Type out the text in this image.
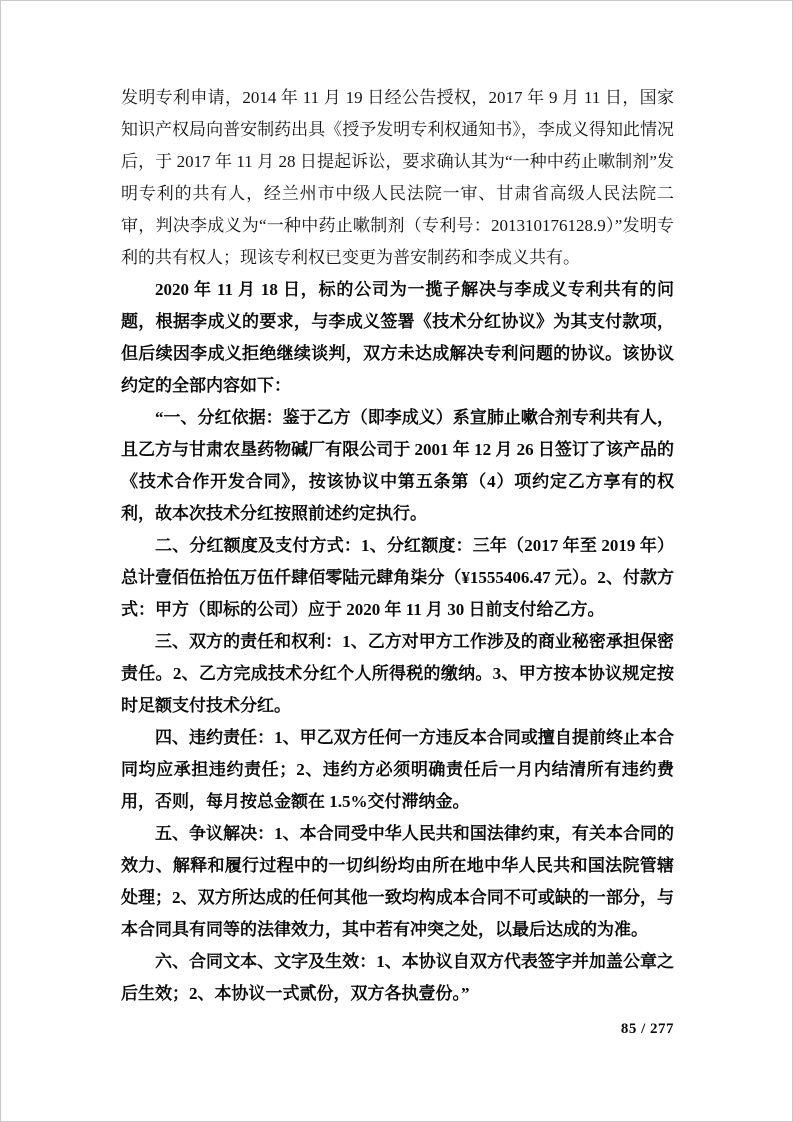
发明专利申请，2014 年 11 月 19 日经公告授权，2017 年 9 月 11 日，国家知识产权局向普安制药出具《授予发明专利权通知书》，李成义得知此情况后，于 2017 年 11 月 28 日提起诉讼，要求确认其为“一种中药止嗽制剂”发明专利的共有人，经兰州市中级人民法院一审、甘肃省高级人民法院二审，判决李成义为“一种中药止嗽制剂（专利号：201310176128.9）”发明专利的共有权人；现该专利权已变更为普安制药和李成义共有。

2020 年 11 月 18 日，标的公司为一揽子解决与李成义专利共有的问题，根据李成义的要求，与李成义签署《技术分红协议》为其支付款项，但后续因李成义拒绝继续谈判，双方未达成解决专利问题的协议。该协议约定的全部内容如下：

“一、分红依据：鉴于乙方（即李成义）系宣肺止嗽合剂专利共有人，且乙方与甘肃农垦药物碱厂有限公司于 2001 年 12 月 26 日签订了该产品的《技术合作开发合同》，按该协议中第五条第（4）项约定乙方享有的权利，故本次技术分红按照前述约定执行。

二、分红额度及支付方式：1、分红额度：三年（2017 年至 2019 年）总计壹佰伍拾伍万伍仟肆佰零陆元肆角柒分（¥1555406.47 元）。2、付款方式：甲方（即标的公司）应于 2020 年 11 月 30 日前支付给乙方。

三、双方的责任和权利：1、乙方对甲方工作涉及的商业秘密承担保密责任。2、乙方完成技术分红个人所得税的缴纳。3、甲方按本协议规定按时足额支付技术分红。

四、违约责任：1、甲乙双方任何一方违反本合同或擅自提前终止本合同均应承担违约责任；2、违约方必须明确责任后一月内结清所有违约费用，否则，每月按总金额在 1.5%交付滞纳金。

五、争议解决：1、本合同受中华人民共和国法律约束，有关本合同的效力、解释和履行过程中的一切纠纷均由所在地中华人民共和国法院管辖处理；2、双方所达成的任何其他一致均构成本合同不可或缺的一部分，与本合同具有同等的法律效力，其中若有冲突之处，以最后达成的为准。

六、合同文本、文字及生效：1、本协议自双方代表签字并加盖公章之后生效；2、本协议一式贰份，双方各执壹份。”

85 / 277
